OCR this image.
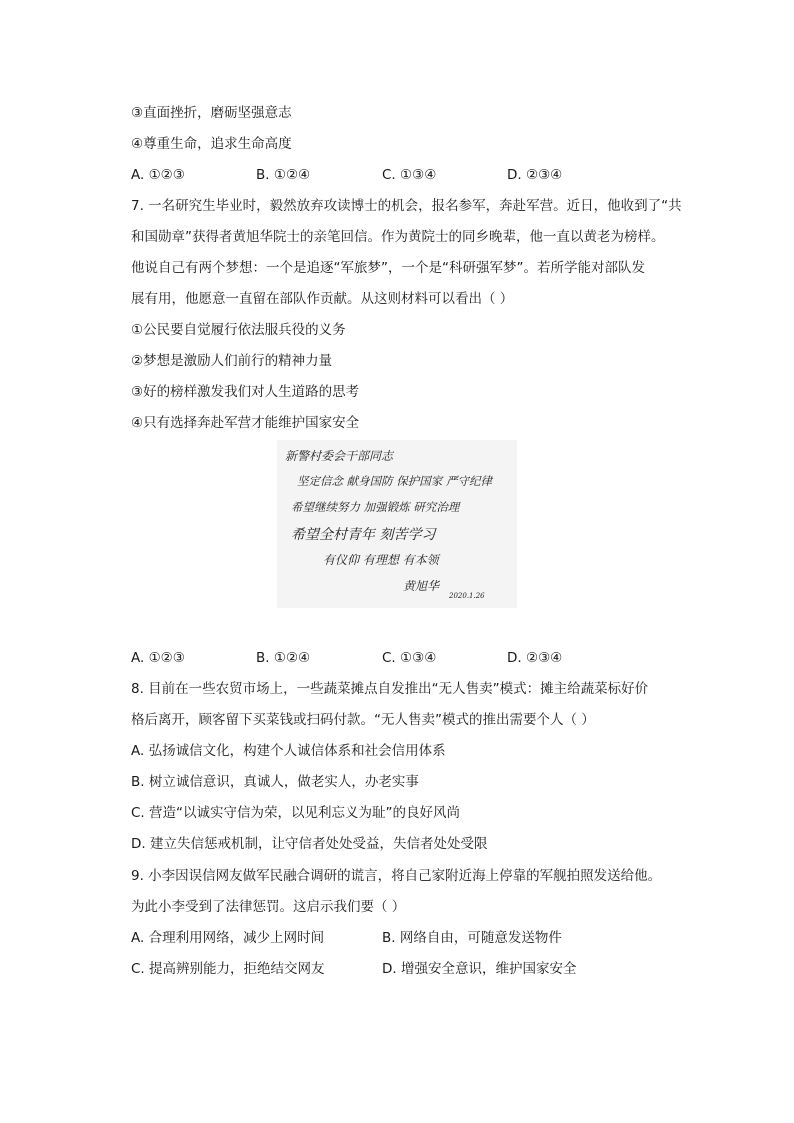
③直面挫折，磨砺坚强意志
④尊重生命，追求生命高度
A. ①②③	B. ①②④	C. ①③④	D. ②③④
7. 一名研究生毕业时，毅然放弃攻读博士的机会，报名参军，奔赴军营。近日，他收到了“共
和国勋章”获得者黄旭华院士的亲笔回信。作为黄院士的同乡晚辈，他一直以黄老为榜样。
他说自己有两个梦想：一个是追逐“军旅梦”，一个是“科研强军梦”。若所学能对部队发
展有用，他愿意一直留在部队作贡献。从这则材料可以看出（ ）
①公民要自觉履行依法服兵役的义务
②梦想是激励人们前行的精神力量
③好的榜样激发我们对人生道路的思考
④只有选择奔赴军营才能维护国家安全
新警村委会干部同志
坚定信念 献身国防 保护国家 严守纪律
希望继续努力 加强锻炼 研究治理
希望全村青年 刻苦学习
有仪仰 有理想 有本领
黄旭华
2020.1.26
A. ①②③	B. ①②④	C. ①③④	D. ②③④
8. 目前在一些农贸市场上，一些蔬菜摊点自发推出“无人售卖”模式：摊主给蔬菜标好价
格后离开，顾客留下买菜钱或扫码付款。“无人售卖”模式的推出需要个人（ ）
A. 弘扬诚信文化，构建个人诚信体系和社会信用体系
B. 树立诚信意识，真诚人，做老实人，办老实事
C. 营造“以诚实守信为荣，以见利忘义为耻”的良好风尚
D. 建立失信惩戒机制，让守信者处处受益，失信者处处受限
9. 小李因误信网友做军民融合调研的谎言，将自己家附近海上停靠的军舰拍照发送给他。
为此小李受到了法律惩罚。这启示我们要（ ）
A. 合理利用网络，减少上网时间	B. 网络自由，可随意发送物件
C. 提高辨别能力，拒绝结交网友	D. 增强安全意识，维护国家安全
